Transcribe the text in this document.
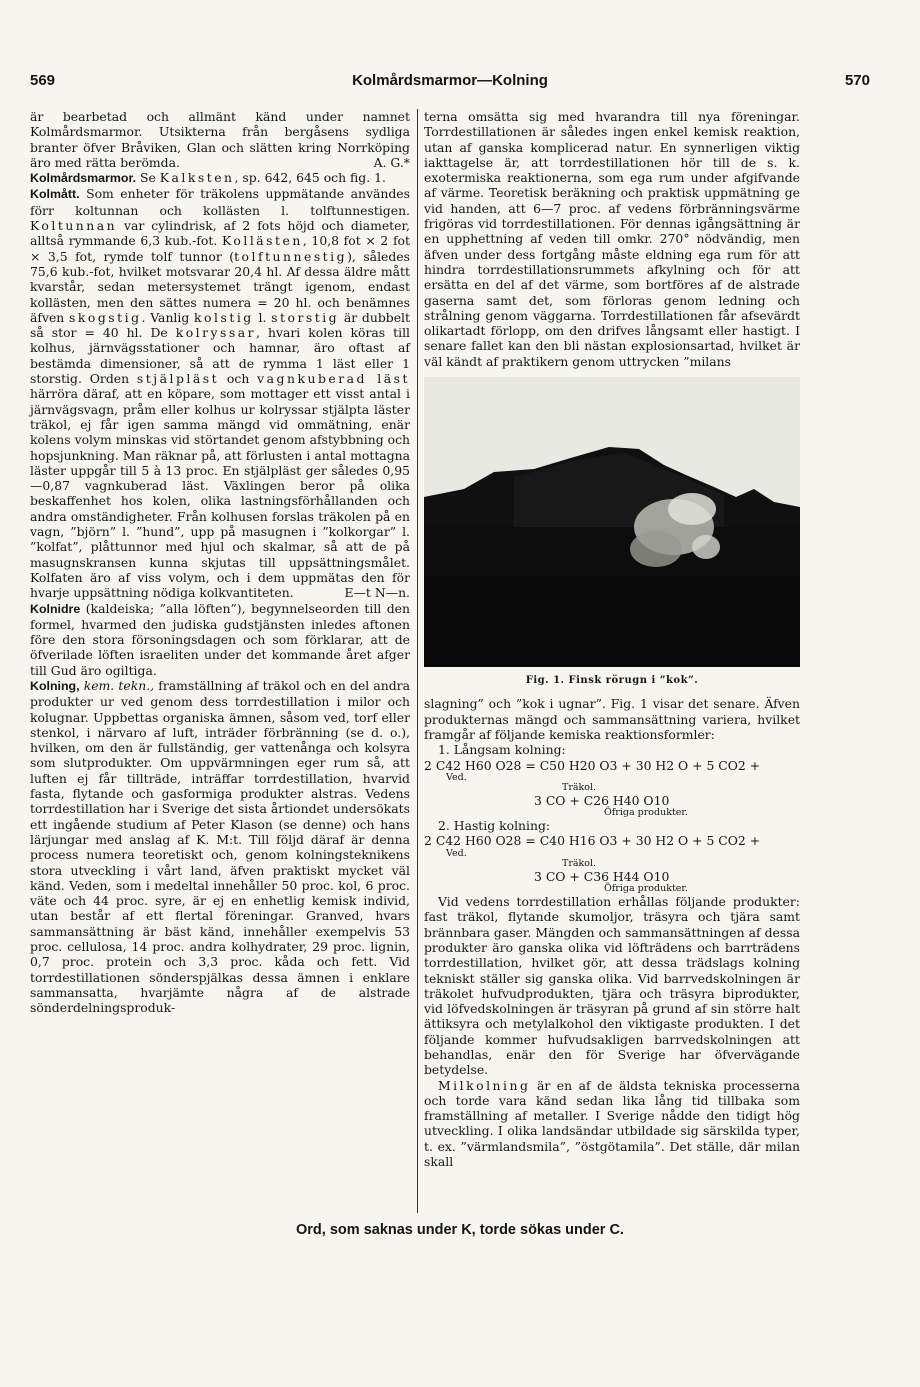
569	Kolmårdsmarmor—Kolning	570

är bearbetad och allmänt känd under namnet Kolmårdsmarmor. Utsikterna från bergåsens sydliga branter öfver Bråviken, Glan och slätten kring Norrköping äro med rätta berömda.	A. G.*

Kolmårdsmarmor. Se Kalksten, sp. 642, 645 och fig. 1.

Kolmått. Som enheter för träkolens uppmätande användes förr koltunnan och kollästen l. tolftunnestigen. Koltunnan var cylindrisk, af 2 fots höjd och diameter, alltså rymmande 6,3 kub.-fot. Kollästen, 10,8 fot × 2 fot × 3,5 fot, rymde tolf tunnor (tolftunnestig), således 75,6 kub.-fot, hvilket motsvarar 20,4 hl. Af dessa äldre mått kvarstår, sedan metersystemet trängt igenom, endast kollästen, men den sättes numera = 20 hl. och benämnes äfven skogstig. Vanlig kolstig l. storstig är dubbelt så stor = 40 hl. De kolryssar, hvari kolen köras till kolhus, järnvägsstationer och hamnar, äro oftast af bestämda dimensioner, så att de rymma 1 läst eller 1 storstig. Orden stjälpläst och vagnkuberad läst härröra däraf, att en köpare, som mottager ett visst antal i järnvägsvagn, pråm eller kolhus ur kolryssar stjälpta läster träkol, ej får igen samma mängd vid ommätning, enär kolens volym minskas vid störtandet genom afstybbning och hopsjunkning. Man räknar på, att förlusten i antal mottagna läster uppgår till 5 à 13 proc. En stjälpläst ger således 0,95—0,87 vagnkuberad läst. Växlingen beror på olika beskaffenhet hos kolen, olika lastningsförhållanden och andra omständigheter. Från kolhusen forslas träkolen på en vagn, ”björn” l. ”hund”, upp på masugnen i ”kolkorgar” l. ”kolfat”, plåttunnor med hjul och skalmar, så att de på masugnskransen kunna skjutas till uppsättningsmålet. Kolfaten äro af viss volym, och i dem uppmätas den för hvarje uppsättning nödiga kolkvantiteten.	E—t N—n.

Kolnidre (kaldeiska; ”alla löften”), begynnelseorden till den formel, hvarmed den judiska gudstjänsten inledes aftonen före den stora försoningsdagen och som förklarar, att de öfverilade löften israeliten under det kommande året afger till Gud äro ogiltiga.

Kolning, kem. tekn., framställning af träkol och en del andra produkter ur ved genom dess torrdestillation i milor och kolugnar. Uppbettas organiska ämnen, såsom ved, torf eller stenkol, i närvaro af luft, inträder förbränning (se d. o.), hvilken, om den är fullständig, ger vattenånga och kolsyra som slutprodukter. Om uppvärmningen eger rum så, att luften ej får tillträde, inträffar torrdestillation, hvarvid fasta, flytande och gasformiga produkter alstras. Vedens torrdestillation har i Sverige det sista årtiondet undersökats ett ingående studium af Peter Klason (se denne) och hans lärjungar med anslag af K. M:t. Till följd däraf är denna process numera teoretiskt och, genom kolningsteknikens stora utveckling i vårt land, äfven praktiskt mycket väl känd. Veden, som i medeltal innehåller 50 proc. kol, 6 proc. väte och 44 proc. syre, är ej en enhetlig kemisk individ, utan består af ett flertal föreningar. Granved, hvars sammansättning är bäst känd, innehåller exempelvis 53 proc. cellulosa, 14 proc. andra kolhydrater, 29 proc. lignin, 0,7 proc. protein och 3,3 proc. kåda och fett. Vid torrdestillationen sönderspjälkas dessa ämnen i enklare sammansatta, hvarjämte några af de alstrade sönderdelningsproduk-

terna omsätta sig med hvarandra till nya föreningar. Torrdestillationen är således ingen enkel kemisk reaktion, utan af ganska komplicerad natur. En synnerligen viktig iakttagelse är, att torrdestillationen hör till de s. k. exotermiska reaktionerna, som ega rum under afgifvande af värme. Teoretisk beräkning och praktisk uppmätning ge vid handen, att 6—7 proc. af vedens förbränningsvärme frigöras vid torrdestillationen. För dennas igångsättning är en upphettning af veden till omkr. 270° nödvändig, men äfven under dess fortgång måste eldning ega rum för att hindra torrdestillationsrummets afkylning och för att ersätta en del af det värme, som bortföres af de alstrade gaserna samt det, som förloras genom ledning och strålning genom väggarna. Torrdestillationen får afsevärdt olikartadt förlopp, om den drifves långsamt eller hastigt. I senare fallet kan den bli nästan explosionsartad, hvilket är väl kändt af praktikern genom uttrycken ”milans

Fig. 1. Finsk rörugn i ”kok”.

slagning” och ”kok i ugnar”. Fig. 1 visar det senare. Äfven produkternas mängd och sammansättning variera, hvilket framgår af följande kemiska reaktionsformler:

1. Långsam kolning:

2 C42 H60 O28 = C50 H20 O3 + 30 H2 O + 5 CO2 +

Ved.

Träkol.

3 CO + C26 H40 O10

Öfriga produkter.

2. Hastig kolning:

2 C42 H60 O28 = C40 H16 O3 + 30 H2 O + 5 CO2 +

Ved.

Träkol.

3 CO + C36 H44 O10

Öfriga produkter.

Vid vedens torrdestillation erhållas följande produkter: fast träkol, flytande skumoljor, träsyra och tjära samt brännbara gaser. Mängden och sammansättningen af dessa produkter äro ganska olika vid löfträdens och barrträdens torrdestillation, hvilket gör, att dessa trädslags kolning tekniskt ställer sig ganska olika. Vid barrvedskolningen är träkolet hufvudprodukten, tjära och träsyra biprodukter, vid löfvedskolningen är träsyran på grund af sin större halt ättiksyra och metylalkohol den viktigaste produkten. I det följande kommer hufvudsakligen barrvedskolningen att behandlas, enär den för Sverige har öfvervägande betydelse.

Milkolning är en af de äldsta tekniska processerna och torde vara känd sedan lika lång tid tillbaka som framställning af metaller. I Sverige nådde den tidigt hög utveckling. I olika landsändar utbildade sig särskilda typer, t. ex. ”värmlandsmila”, ”östgötamila”. Det ställe, där milan skall

Ord, som saknas under K, torde sökas under C.
